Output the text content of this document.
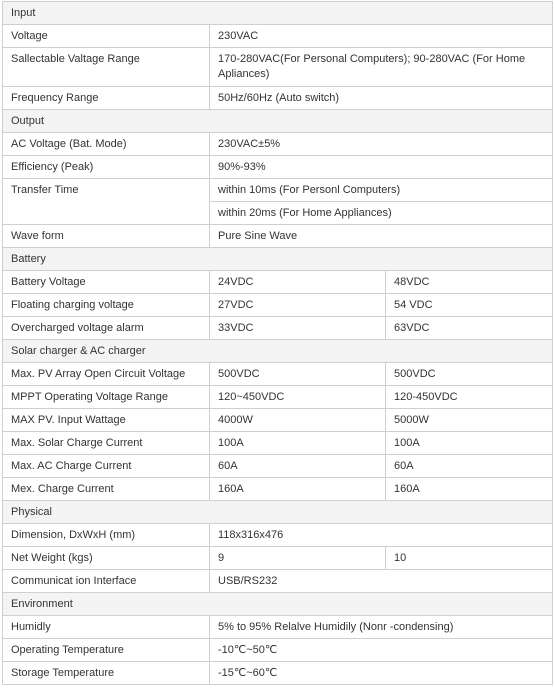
Input		
Voltage	230VAC	
Sallectable Valtage Range	170-280VAC(For Personal Computers); 90-280VAC (For Home Apliances)	
Frequency Range	50Hz/60Hz (Auto switch)	
Output		
AC Voltage (Bat. Mode)	230VAC±5%	
Efficiency (Peak)	90%-93%	
Transfer Time	within 10ms (For Personl Computers)	
	within 20ms (For Home Appliances)	
Wave form	Pure Sine Wave	
Battery		
Battery Voltage	24VDC	48VDC
Floating charging voltage	27VDC	54 VDC
Overcharged voltage alarm	33VDC	63VDC
Solar charger & AC charger		
Max. PV Array Open Circuit Voltage	500VDC	500VDC
MPPT Operating Voltage Range	120~450VDC	120-450VDC
MAX PV. Input Wattage	4000W	5000W
Max. Solar Charge Current	100A	100A
Max. AC Charge Current	60A	60A
Mex. Charge Current	160A	160A
Physical		
Dimension, DxWxH (mm)	118x316x476	
Net Weight (kgs)	9	10
Communicat ion Interface	USB/RS232	
Environment		
Humidly	5% to 95% Relalve Humidily (Nonr -condensing)	
Operating Temperature	-10℃~50℃	
Storage Temperature	-15℃~60℃	
